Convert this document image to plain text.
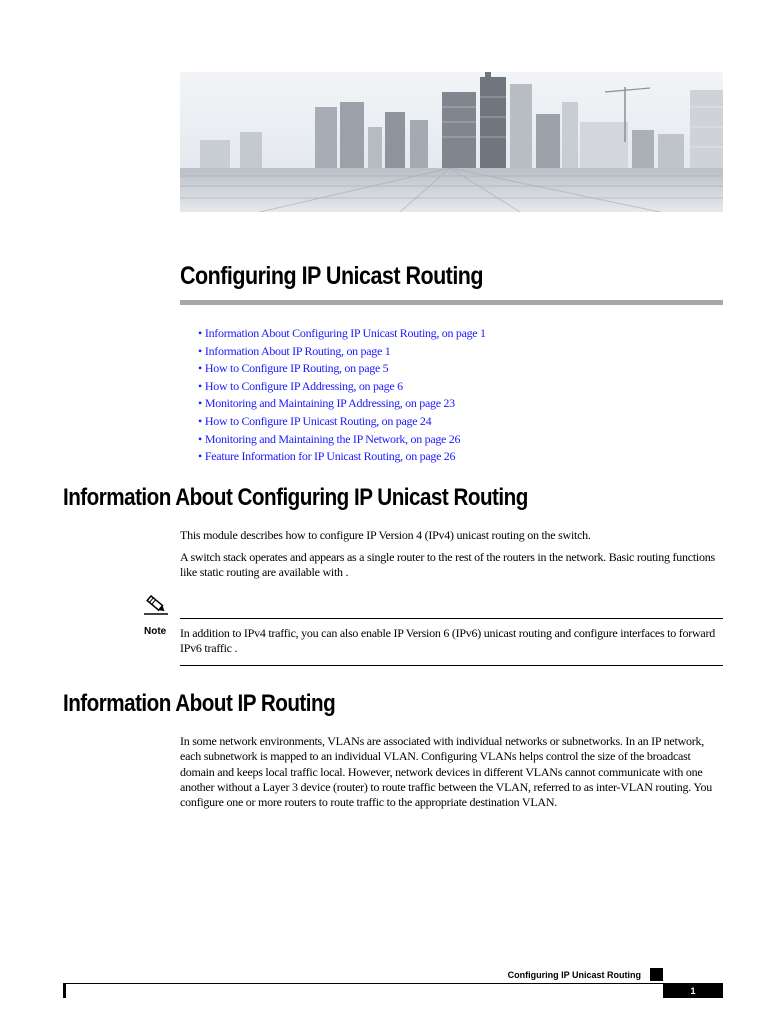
Configuring IP Unicast Routing
• Information About Configuring IP Unicast Routing, on page 1
• Information About IP Routing, on page 1
• How to Configure IP Routing, on page 5
• How to Configure IP Addressing, on page 6
• Monitoring and Maintaining IP Addressing, on page 23
• How to Configure IP Unicast Routing, on page 24
• Monitoring and Maintaining the IP Network, on page 26
• Feature Information for IP Unicast Routing, on page 26
Information About Configuring IP Unicast Routing

This module describes how to configure IP Version 4 (IPv4) unicast routing on the switch.

A switch stack operates and appears as a single router to the rest of the routers in the network. Basic routing functions like static routing are available with .

Note In addition to IPv4 traffic, you can also enable IP Version 6 (IPv6) unicast routing and configure interfaces to forward IPv6 traffic .

Information About IP Routing

In some network environments, VLANs are associated with individual networks or subnetworks. In an IP network, each subnetwork is mapped to an individual VLAN. Configuring VLANs helps control the size of the broadcast domain and keeps local traffic local. However, network devices in different VLANs cannot communicate with one another without a Layer 3 device (router) to route traffic between the VLAN, referred to as inter-VLAN routing. You configure one or more routers to route traffic to the appropriate destination VLAN.

Configuring IP Unicast Routing
1
